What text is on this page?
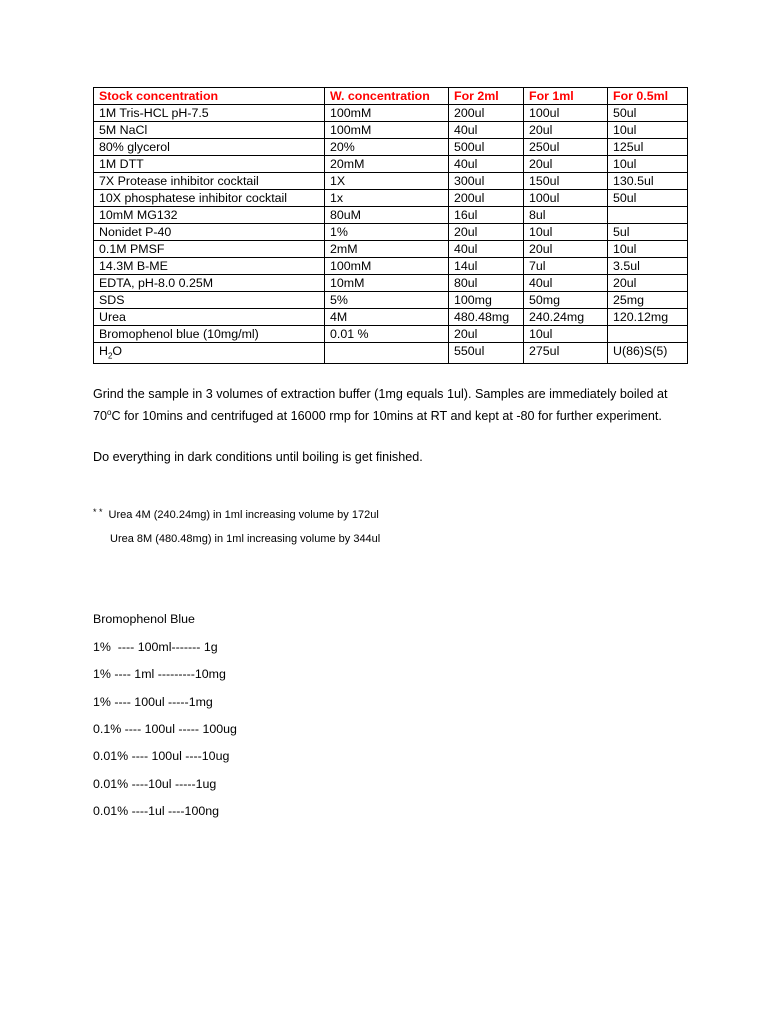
Stock concentration	W. concentration	For 2ml	For 1ml	For 0.5ml
1M Tris-HCL pH-7.5	100mM	200ul	100ul	50ul
5M NaCl	100mM	40ul	20ul	10ul
80% glycerol	20%	500ul	250ul	125ul
1M DTT	20mM	40ul	20ul	10ul
7X Protease inhibitor cocktail	1X	300ul	150ul	130.5ul
10X phosphatese inhibitor cocktail	1x	200ul	100ul	50ul
10mM MG132	80uM	16ul	8ul	
Nonidet P-40	1%	20ul	10ul	5ul
0.1M PMSF	2mM	40ul	20ul	10ul
14.3M B-ME	100mM	14ul	7ul	3.5ul
EDTA, pH-8.0 0.25M	10mM	80ul	40ul	20ul
SDS	5%	100mg	50mg	25mg
Urea	4M	480.48mg	240.24mg	120.12mg
Bromophenol blue (10mg/ml)	0.01 %	20ul	10ul	
$H_2O$		550ul	275ul	U(86)S(5)

Grind the sample in 3 volumes of extraction buffer (1mg equals 1ul). Samples are immediately boiled at 70$^o$C for 10mins and centrifuged at 16000 rmp for 10mins at RT and kept at -80 for further experiment.

Do everything in dark conditions until boiling is get finished.

* * Urea 4M (240.24mg) in 1ml increasing volume by 172ul

Urea 8M (480.48mg) in 1ml increasing volume by 344ul

Bromophenol Blue

1%  ---- 100ml------- 1g

1% ---- 1ml ---------10mg

1% ---- 100ul -----1mg

0.1% ---- 100ul ----- 100ug

0.01% ---- 100ul ----10ug

0.01% ----10ul -----1ug

0.01% ----1ul ----100ng
